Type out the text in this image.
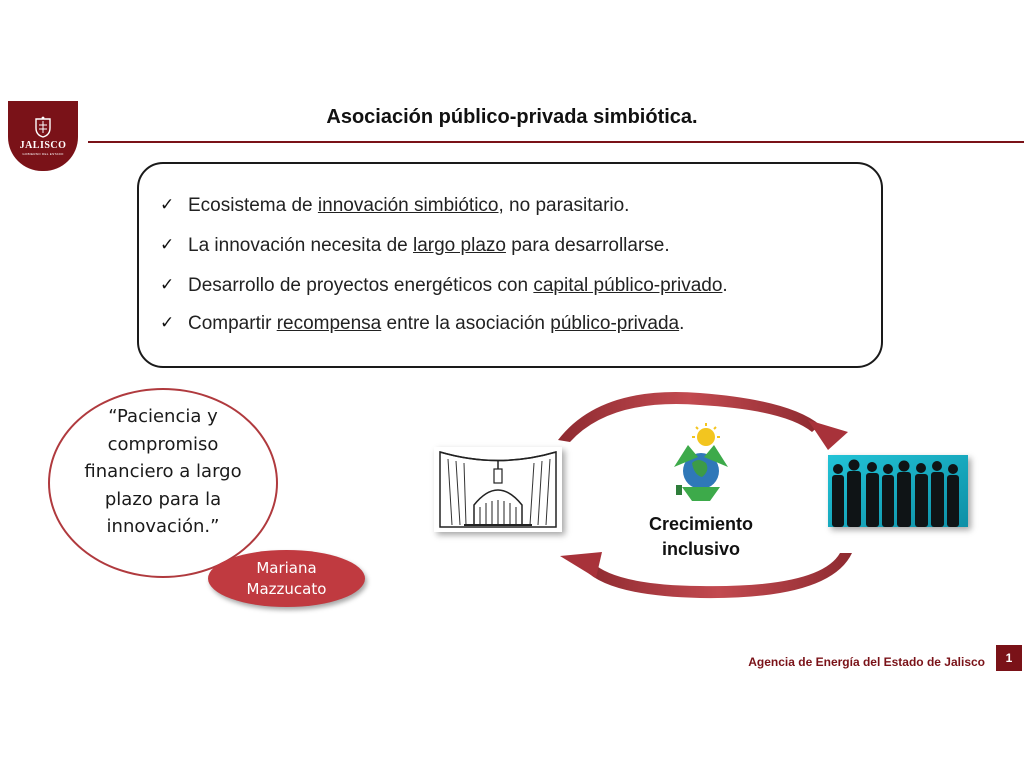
JALISCO
GOBIERNO DEL ESTADO
Asociación público-privada simbiótica.
✓ Ecosistema de innovación simbiótico, no parasitario.
✓ La innovación necesita de largo plazo para desarrollarse.
✓ Desarrollo de proyectos energéticos con capital público-privado.
✓ Compartir recompensa entre la asociación público-privada.
“Paciencia y compromiso financiero a largo plazo para la innovación.”
Mariana Mazzucato
Crecimiento inclusivo
Agencia de Energía del Estado de Jalisco	1
